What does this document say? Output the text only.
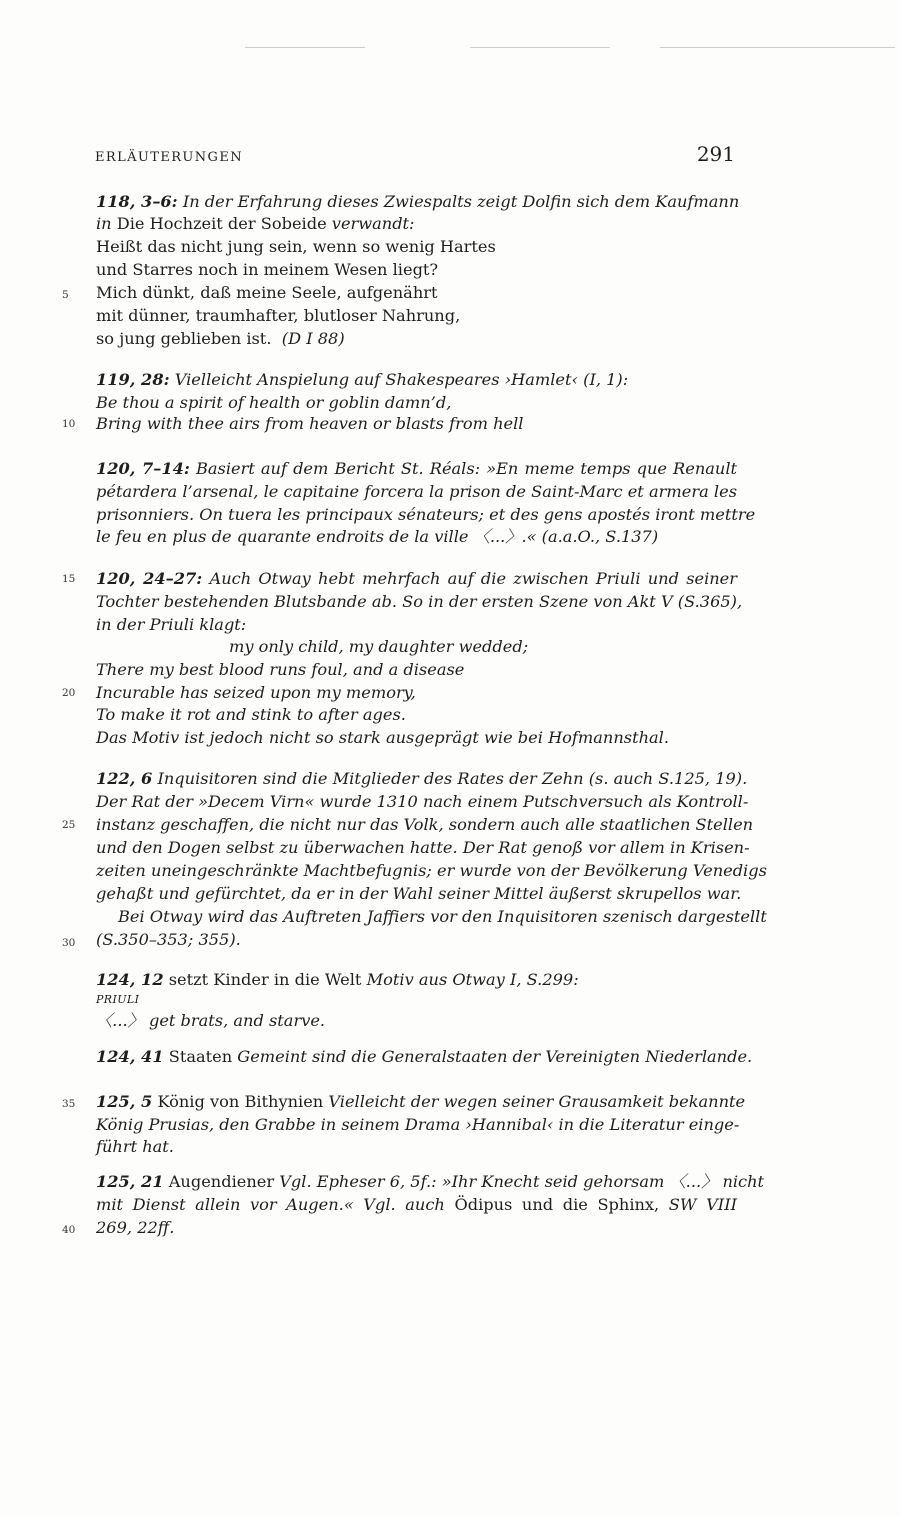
ERLÄUTERUNGEN	291
5
10
15
20
25
30
35
40
118, 3–6: In der Erfahrung dieses Zwiespalts zeigt Dolfin sich dem Kaufmann
in Die Hochzeit der Sobeide verwandt:
Heißt das nicht jung sein, wenn so wenig Hartes
und Starres noch in meinem Wesen liegt?
Mich dünkt, daß meine Seele, aufgenährt
mit dünner, traumhafter, blutloser Nahrung,
so jung geblieben ist. (D I 88)
119, 28: Vielleicht Anspielung auf Shakespeares ›Hamlet‹ (I, 1):
Be thou a spirit of health or goblin damn’d,
Bring with thee airs from heaven or blasts from hell
120, 7–14: Basiert auf dem Bericht St. Réals: »En meme temps que Renault
pétardera l’arsenal, le capitaine forcera la prison de Saint-Marc et armera les
prisonniers. On tuera les principaux sénateurs; et des gens apostés iront mettre
le feu en plus de quarante endroits de la ville 〈...〉.« (a.a.O., S.137)
120, 24–27: Auch Otway hebt mehrfach auf die zwischen Priuli und seiner
Tochter bestehenden Blutsbande ab. So in der ersten Szene von Akt V (S.365),
in der Priuli klagt:
my only child, my daughter wedded;
There my best blood runs foul, and a disease
Incurable has seized upon my memory,
To make it rot and stink to after ages.
Das Motiv ist jedoch nicht so stark ausgeprägt wie bei Hofmannsthal.
122, 6 Inquisitoren sind die Mitglieder des Rates der Zehn (s. auch S.125, 19).
Der Rat der »Decem Virn« wurde 1310 nach einem Putschversuch als Kontroll-
instanz geschaffen, die nicht nur das Volk, sondern auch alle staatlichen Stellen
und den Dogen selbst zu überwachen hatte. Der Rat genoß vor allem in Krisen-
zeiten uneingeschränkte Machtbefugnis; er wurde von der Bevölkerung Venedigs
gehaßt und gefürchtet, da er in der Wahl seiner Mittel äußerst skrupellos war.
Bei Otway wird das Auftreten Jaffiers vor den Inquisitoren szenisch dargestellt
(S.350–353; 355).
124, 12 setzt Kinder in die Welt Motiv aus Otway I, S.299:
PRIULI
〈...〉 get brats, and starve.
124, 41 Staaten Gemeint sind die Generalstaaten der Vereinigten Niederlande.
125, 5 König von Bithynien Vielleicht der wegen seiner Grausamkeit bekannte
König Prusias, den Grabbe in seinem Drama ›Hannibal‹ in die Literatur einge-
führt hat.
125, 21 Augendiener Vgl. Epheser 6, 5f.: »Ihr Knecht seid gehorsam 〈...〉 nicht
mit Dienst allein vor Augen.« Vgl. auch Ödipus und die Sphinx, SW VIII
269, 22ff.
